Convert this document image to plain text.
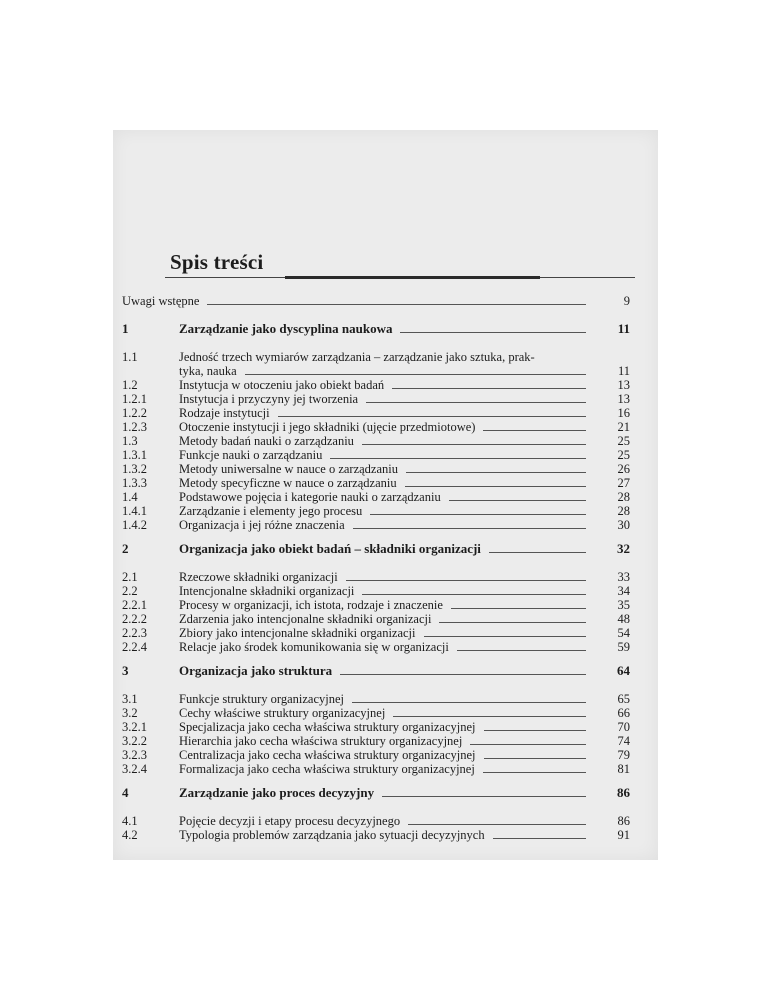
Spis treści
Uwagi wstępne	9
1	Zarządzanie jako dyscyplina naukowa	11
1.1	Jedność trzech wymiarów zarządzania – zarządzanie jako sztuka, prak-
tyka, nauka	11
1.2	Instytucja w otoczeniu jako obiekt badań	13
1.2.1	Instytucja i przyczyny jej tworzenia	13
1.2.2	Rodzaje instytucji	16
1.2.3	Otoczenie instytucji i jego składniki (ujęcie przedmiotowe)	21
1.3	Metody badań nauki o zarządzaniu	25
1.3.1	Funkcje nauki o zarządzaniu	25
1.3.2	Metody uniwersalne w nauce o zarządzaniu	26
1.3.3	Metody specyficzne w nauce o zarządzaniu	27
1.4	Podstawowe pojęcia i kategorie nauki o zarządzaniu	28
1.4.1	Zarządzanie i elementy jego procesu	28
1.4.2	Organizacja i jej różne znaczenia	30
2	Organizacja jako obiekt badań – składniki organizacji	32
2.1	Rzeczowe składniki organizacji	33
2.2	Intencjonalne składniki organizacji	34
2.2.1	Procesy w organizacji, ich istota, rodzaje i znaczenie	35
2.2.2	Zdarzenia jako intencjonalne składniki organizacji	48
2.2.3	Zbiory jako intencjonalne składniki organizacji	54
2.2.4	Relacje jako środek komunikowania się w organizacji	59
3	Organizacja jako struktura	64
3.1	Funkcje struktury organizacyjnej	65
3.2	Cechy właściwe struktury organizacyjnej	66
3.2.1	Specjalizacja jako cecha właściwa struktury organizacyjnej	70
3.2.2	Hierarchia jako cecha właściwa struktury organizacyjnej	74
3.2.3	Centralizacja jako cecha właściwa struktury organizacyjnej	79
3.2.4	Formalizacja jako cecha właściwa struktury organizacyjnej	81
4	Zarządzanie jako proces decyzyjny	86
4.1	Pojęcie decyzji i etapy procesu decyzyjnego	86
4.2	Typologia problemów zarządzania jako sytuacji decyzyjnych	91
